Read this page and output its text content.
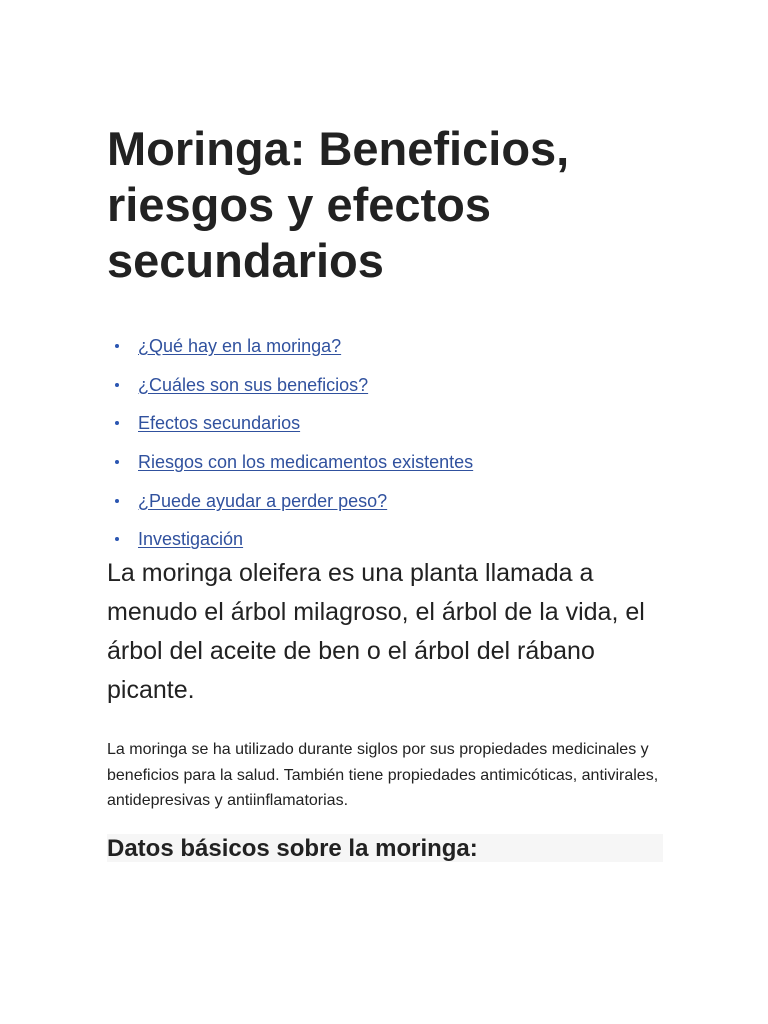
Moringa: Beneficios, riesgos y efectos secundarios
¿Qué hay en la moringa?
¿Cuáles son sus beneficios?
Efectos secundarios
Riesgos con los medicamentos existentes
¿Puede ayudar a perder peso?
Investigación

La moringa oleifera es una planta llamada a menudo el árbol milagroso, el árbol de la vida, el árbol del aceite de ben o el árbol del rábano picante.

La moringa se ha utilizado durante siglos por sus propiedades medicinales y beneficios para la salud. También tiene propiedades antimicóticas, antivirales, antidepresivas y antiinflamatorias.

Datos básicos sobre la moringa:
